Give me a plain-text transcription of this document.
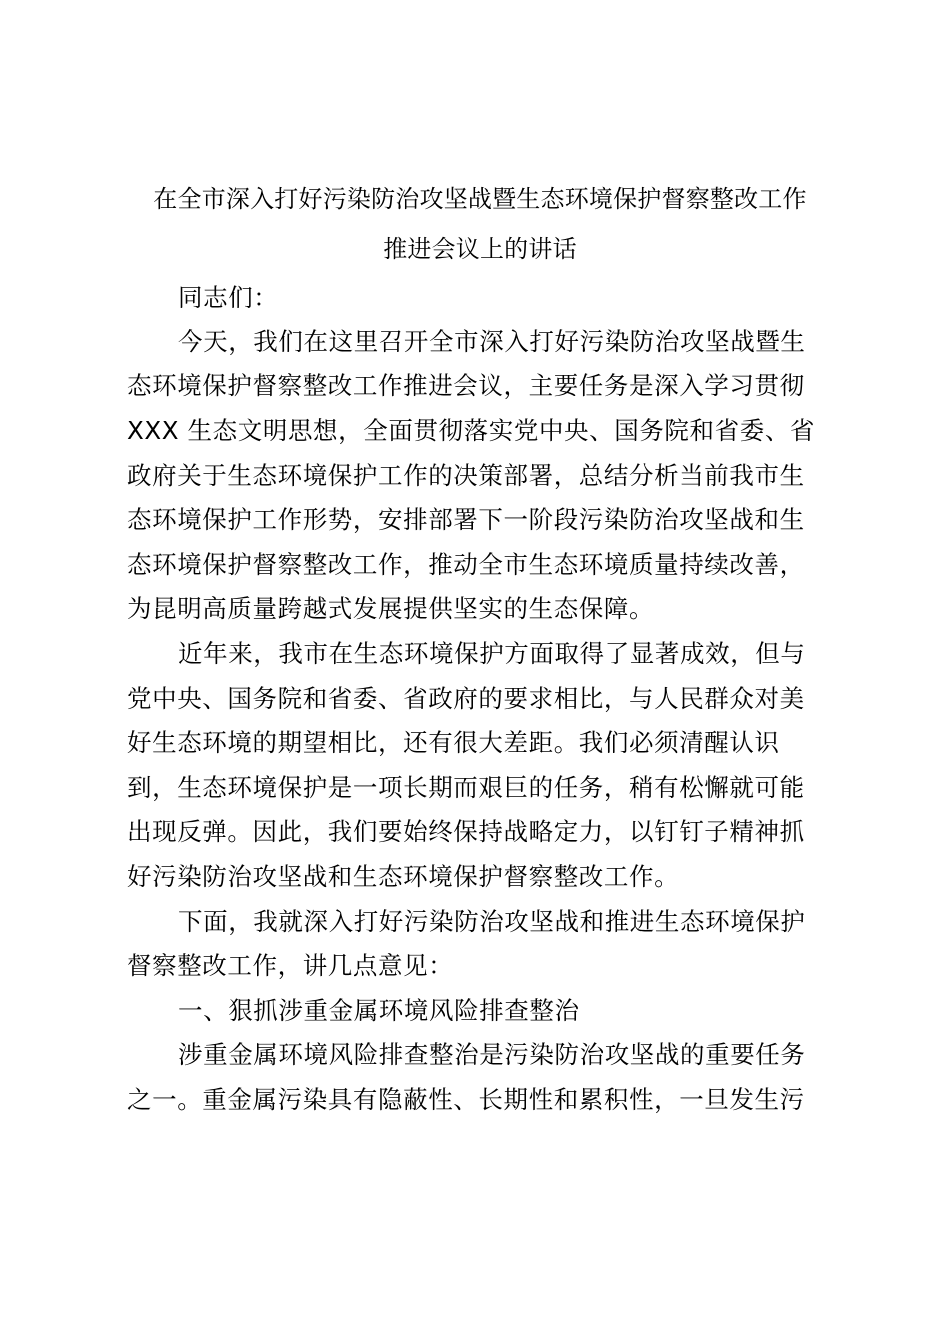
在全市深入打好污染防治攻坚战暨生态环境保护督察整改工作
推进会议上的讲话
同志们：
今天，我们在这里召开全市深入打好污染防治攻坚战暨生
态环境保护督察整改工作推进会议，主要任务是深入学习贯彻
XXX 生态文明思想，全面贯彻落实党中央、国务院和省委、省
政府关于生态环境保护工作的决策部署，总结分析当前我市生
态环境保护工作形势，安排部署下一阶段污染防治攻坚战和生
态环境保护督察整改工作，推动全市生态环境质量持续改善，
为昆明高质量跨越式发展提供坚实的生态保障。
近年来，我市在生态环境保护方面取得了显著成效，但与
党中央、国务院和省委、省政府的要求相比，与人民群众对美
好生态环境的期望相比，还有很大差距。我们必须清醒认识
到，生态环境保护是一项长期而艰巨的任务，稍有松懈就可能
出现反弹。因此，我们要始终保持战略定力，以钉钉子精神抓
好污染防治攻坚战和生态环境保护督察整改工作。
下面，我就深入打好污染防治攻坚战和推进生态环境保护
督察整改工作，讲几点意见：
一、狠抓涉重金属环境风险排查整治
涉重金属环境风险排查整治是污染防治攻坚战的重要任务
之一。重金属污染具有隐蔽性、长期性和累积性，一旦发生污
